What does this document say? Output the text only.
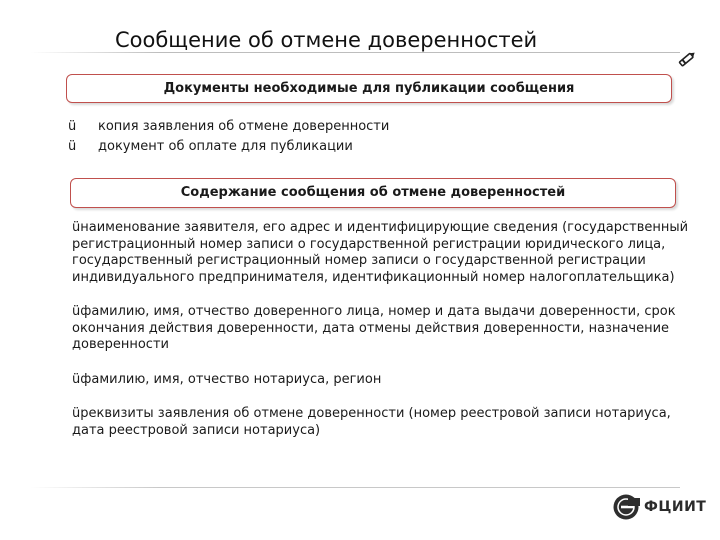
Сообщение об отмене доверенностей
Документы необходимые для публикации сообщения
ü копия заявления об отмене доверенности
ü документ об оплате для публикации
Содержание сообщения об отмене доверенностей

üнаименование заявителя, его адрес и идентифицирующие сведения (государственный регистрационный номер записи о государственной регистрации юридического лица, государственный регистрационный номер записи о государственной регистрации индивидуального предпринимателя, идентификационный номер налогоплательщика)

üфамилию, имя, отчество доверенного лица, номер и дата выдачи доверенности, срок окончания действия доверенности, дата отмены действия доверенности, назначение доверенности

üфамилию, имя, отчество нотариуса, регион

üреквизиты заявления об отмене доверенности (номер реестровой записи нотариуса, дата реестровой записи нотариуса)

ФЦИИТ
